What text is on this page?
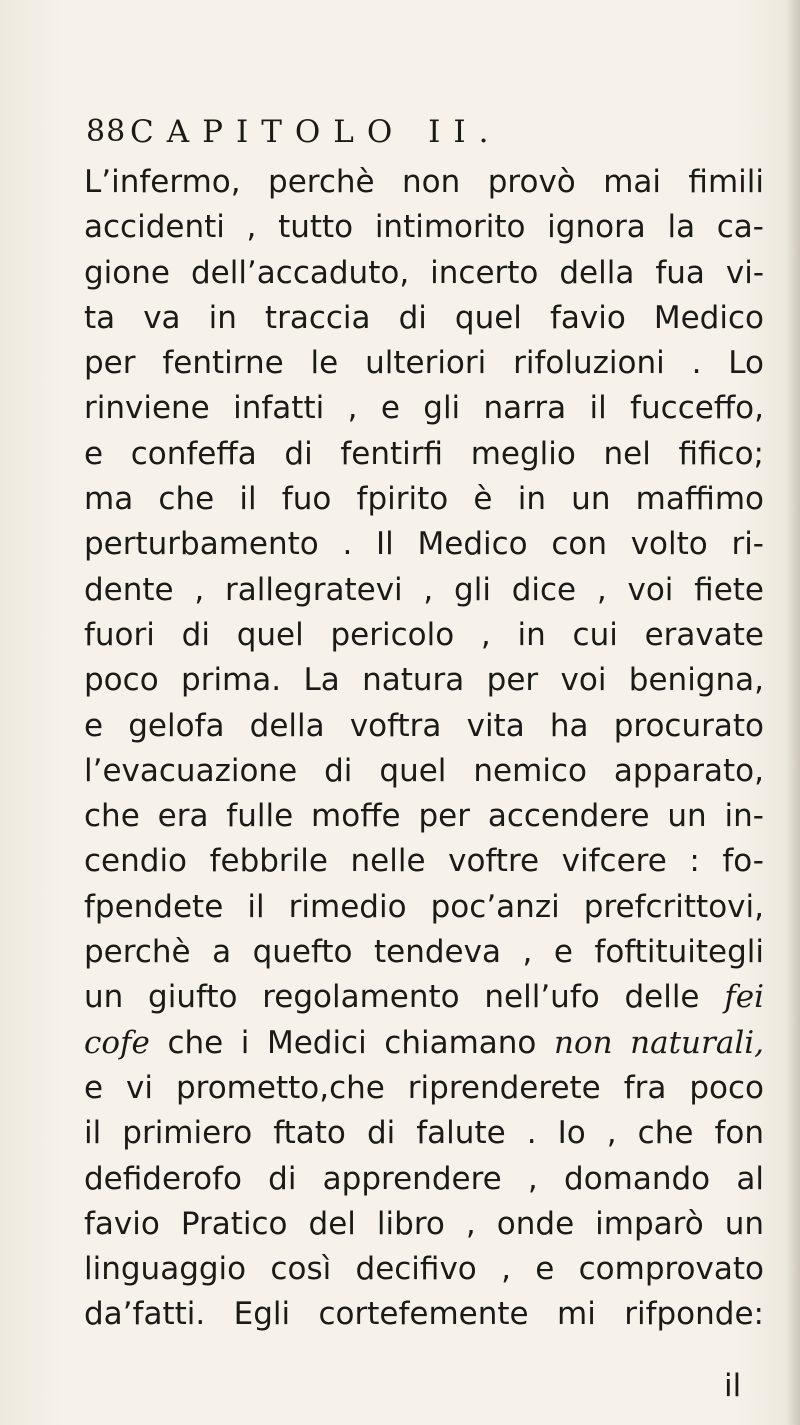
88 CAPITOLO II.
L’infermo, perchè non provò mai fimili
accidenti , tutto intimorito ignora la ca-
gione dell’accaduto, incerto della fua vi-
ta va in traccia di quel favio Medico
per fentirne le ulteriori rifoluzioni . Lo
rinviene infatti , e gli narra il fucceffo,
e confeffa di fentirfi meglio nel fifico;
ma che il fuo fpirito è in un maffimo
perturbamento . Il Medico con volto ri-
dente , rallegratevi , gli dice , voi fiete
fuori di quel pericolo , in cui eravate
poco prima. La natura per voi benigna,
e gelofa della voftra vita ha procurato
l’evacuazione di quel nemico apparato,
che era fulle moffe per accendere un in-
cendio febbrile nelle voftre vifcere : fo-
fpendete il rimedio poc’anzi prefcrittovi,
perchè a quefto tendeva , e foftituitegli
un giufto regolamento nell’ufo delle fei
cofe che i Medici chiamano non naturali,
e vi prometto,che riprenderete fra poco
il primiero ftato di falute . Io , che fon
defiderofo di apprendere , domando al
favio Pratico del libro , onde imparò un
linguaggio così decifivo , e comprovato
da’fatti. Egli cortefemente mi rifponde:
il
